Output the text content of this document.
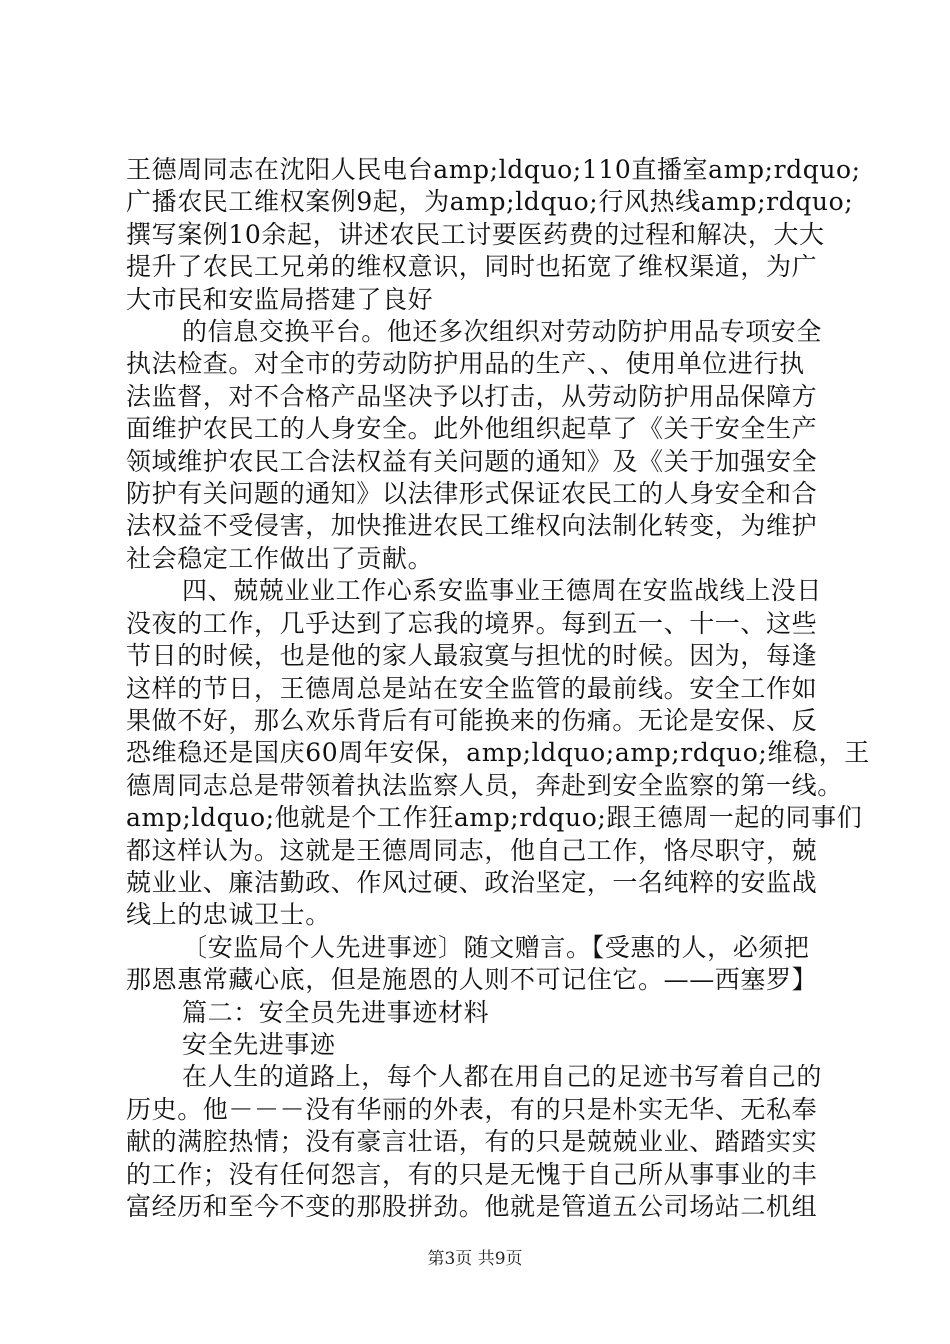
王德周同志在沈阳人民电台amp;ldquo;110直播室amp;rdquo;
广播农民工维权案例9起，为amp;ldquo;行风热线amp;rdquo;
撰写案例10余起，讲述农民工讨要医药费的过程和解决，大大
提升了农民工兄弟的维权意识，同时也拓宽了维权渠道，为广
大市民和安监局搭建了良好

的信息交换平台。他还多次组织对劳动防护用品专项安全
执法检查。对全市的劳动防护用品的生产、、使用单位进行执
法监督，对不合格产品坚决予以打击，从劳动防护用品保障方
面维护农民工的人身安全。此外他组织起草了《关于安全生产
领域维护农民工合法权益有关问题的通知》及《关于加强安全
防护有关问题的通知》以法律形式保证农民工的人身安全和合
法权益不受侵害，加快推进农民工维权向法制化转变，为维护
社会稳定工作做出了贡献。

四、兢兢业业工作心系安监事业王德周在安监战线上没日
没夜的工作，几乎达到了忘我的境界。每到五一、十一、这些
节日的时候，也是他的家人最寂寞与担忧的时候。因为，每逢
这样的节日，王德周总是站在安全监管的最前线。安全工作如
果做不好，那么欢乐背后有可能换来的伤痛。无论是安保、反
恐维稳还是国庆60周年安保，amp;ldquo;amp;rdquo;维稳，王
德周同志总是带领着执法监察人员，奔赴到安全监察的第一线。
amp;ldquo;他就是个工作狂amp;rdquo;跟王德周一起的同事们
都这样认为。这就是王德周同志，他自己工作，恪尽职守，兢
兢业业、廉洁勤政、作风过硬、政治坚定，一名纯粹的安监战
线上的忠诚卫士。

〔安监局个人先进事迹〕随文赠言。【受惠的人，必须把
那恩惠常藏心底，但是施恩的人则不可记住它。——西塞罗】

篇二：安全员先进事迹材料

安全先进事迹

在人生的道路上，每个人都在用自己的足迹书写着自己的
历史。他－－－没有华丽的外表，有的只是朴实无华、无私奉
献的满腔热情；没有豪言壮语，有的只是兢兢业业、踏踏实实
的工作；没有任何怨言，有的只是无愧于自己所从事事业的丰
富经历和至今不变的那股拼劲。他就是管道五公司场站二机组

第3页 共9页
